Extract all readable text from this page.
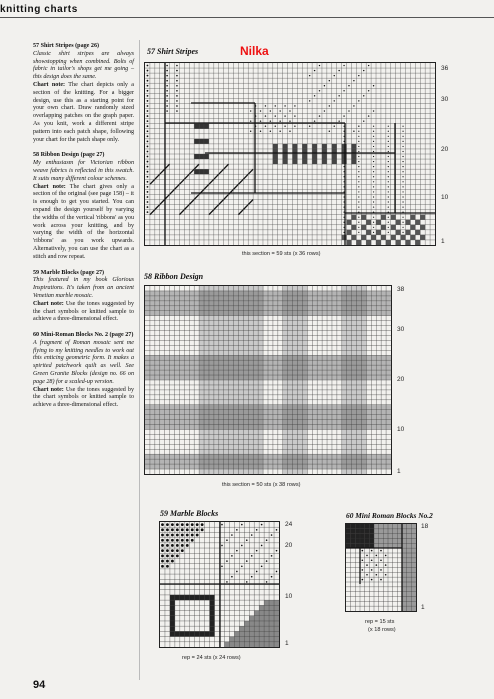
knitting charts

57 Shirt Stripes (page 26)
Classic shirt stripes are always showstopping when combined. Bolts of fabric in tailor's shops get me going – this design does the same.
Chart note: The chart depicts only a section of the knitting. For a bigger design, use this as a starting point for your own chart. Draw randomly sized overlapping patches on the graph paper. As you knit, work a different stripe pattern into each patch shape, following your chart for the patch shape only.

58 Ribbon Design (page 27)
My enthusiasm for Victorian ribbon weave fabrics is reflected in this swatch. It suits many different colour schemes.
Chart note: The chart gives only a section of the original (see page 158) – it is enough to get you started. You can expand the design yourself by varying the widths of the vertical 'ribbons' as you work across your knitting, and by varying the width of the horizontal 'ribbons' as you work upwards. Alternatively, you can use the chart as a stitch and row repeat.

59 Marble Blocks (page 27)
This featured in my book Glorious Inspirations. It's taken from an ancient Venetian marble mosaic.
Chart note: Use the tones suggested by the chart symbols or knitted sample to achieve a three-dimensional effect.

60 Mini-Roman Blocks No. 2 (page 27)
A fragment of Roman mosaic sent me flying to my knitting needles to work out this enticing geometric form. It makes a spirited patchwork quilt as well. See Green Granite Blocks (design no. 66 on page 28) for a scaled-up version.
Chart note: Use the tones suggested by the chart symbols or knitted sample to achieve a three-dimensional effect.

57 Shirt Stripes	Nilka
36
30
20
10
1
this section = 59 sts (x 36 rows)
58 Ribbon Design
38
30
20
10
1
this section = 50 sts (x 38 rows)
59 Marble Blocks
24
20
10
1
rep = 24 sts (x 24 rows)
60 Mini Roman Blocks No.2
18
1
rep = 15 sts
(x 18 rows)
94
